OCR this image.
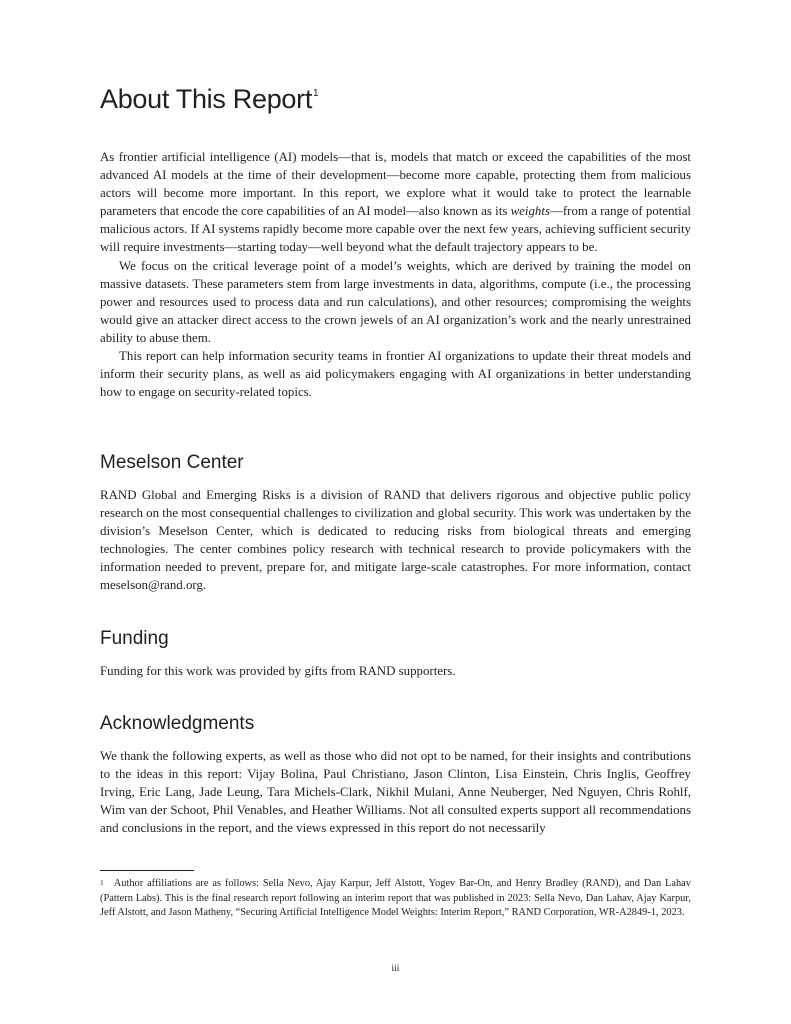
About This Report$^1$

As frontier artificial intelligence (AI) models—that is, models that match or exceed the capabilities of the most advanced AI models at the time of their development—become more capable, protecting them from malicious actors will become more important. In this report, we explore what it would take to protect the learnable parameters that encode the core capabilities of an AI model—also known as its weights—from a range of potential malicious actors. If AI systems rapidly become more capable over the next few years, achieving sufficient security will require investments—starting today—well beyond what the default trajectory appears to be.

We focus on the critical leverage point of a model’s weights, which are derived by training the model on massive datasets. These parameters stem from large investments in data, algorithms, compute (i.e., the processing power and resources used to process data and run calculations), and other resources; compromising the weights would give an attacker direct access to the crown jewels of an AI organization’s work and the nearly unrestrained ability to abuse them.

This report can help information security teams in frontier AI organizations to update their threat models and inform their security plans, as well as aid policymakers engaging with AI organizations in better understanding how to engage on security-related topics.

Meselson Center

RAND Global and Emerging Risks is a division of RAND that delivers rigorous and objective public policy research on the most consequential challenges to civilization and global security. This work was undertaken by the division’s Meselson Center, which is dedicated to reducing risks from biological threats and emerging technologies. The center combines policy research with technical research to provide policymakers with the information needed to prevent, prepare for, and mitigate large-scale catastrophes. For more information, contact meselson@rand.org.

Funding

Funding for this work was provided by gifts from RAND supporters.

Acknowledgments

We thank the following experts, as well as those who did not opt to be named, for their insights and contributions to the ideas in this report: Vijay Bolina, Paul Christiano, Jason Clinton, Lisa Einstein, Chris Inglis, Geoffrey Irving, Eric Lang, Jade Leung, Tara Michels-Clark, Nikhil Mulani, Anne Neuberger, Ned Nguyen, Chris Rohlf, Wim van der Schoot, Phil Venables, and Heather Williams. Not all consulted experts support all recommendations and conclusions in the report, and the views expressed in this report do not necessarily

$^1$ Author affiliations are as follows: Sella Nevo, Ajay Karpur, Jeff Alstott, Yogev Bar-On, and Henry Bradley (RAND), and Dan Lahav (Pattern Labs). This is the final research report following an interim report that was published in 2023: Sella Nevo, Dan Lahav, Ajay Karpur, Jeff Alstott, and Jason Matheny, “Securing Artificial Intelligence Model Weights: Interim Report,” RAND Corporation, WR-A2849-1, 2023.
iii
